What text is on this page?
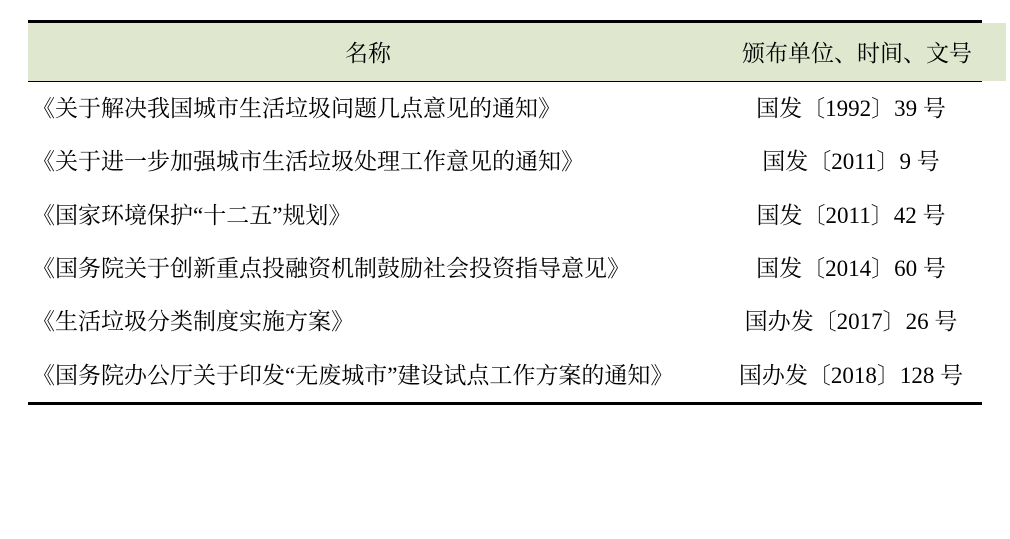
名称	颁布单位、时间、文号
《关于解决我国城市生活垃圾问题几点意见的通知》	国发〔1992〕39 号
《关于进一步加强城市生活垃圾处理工作意见的通知》	国发〔2011〕9 号
《国家环境保护“十二五”规划》	国发〔2011〕42 号
《国务院关于创新重点投融资机制鼓励社会投资指导意见》	国发〔2014〕60 号
《生活垃圾分类制度实施方案》	国办发〔2017〕26 号
《国务院办公厅关于印发“无废城市”建设试点工作方案的通知》	国办发〔2018〕128 号
